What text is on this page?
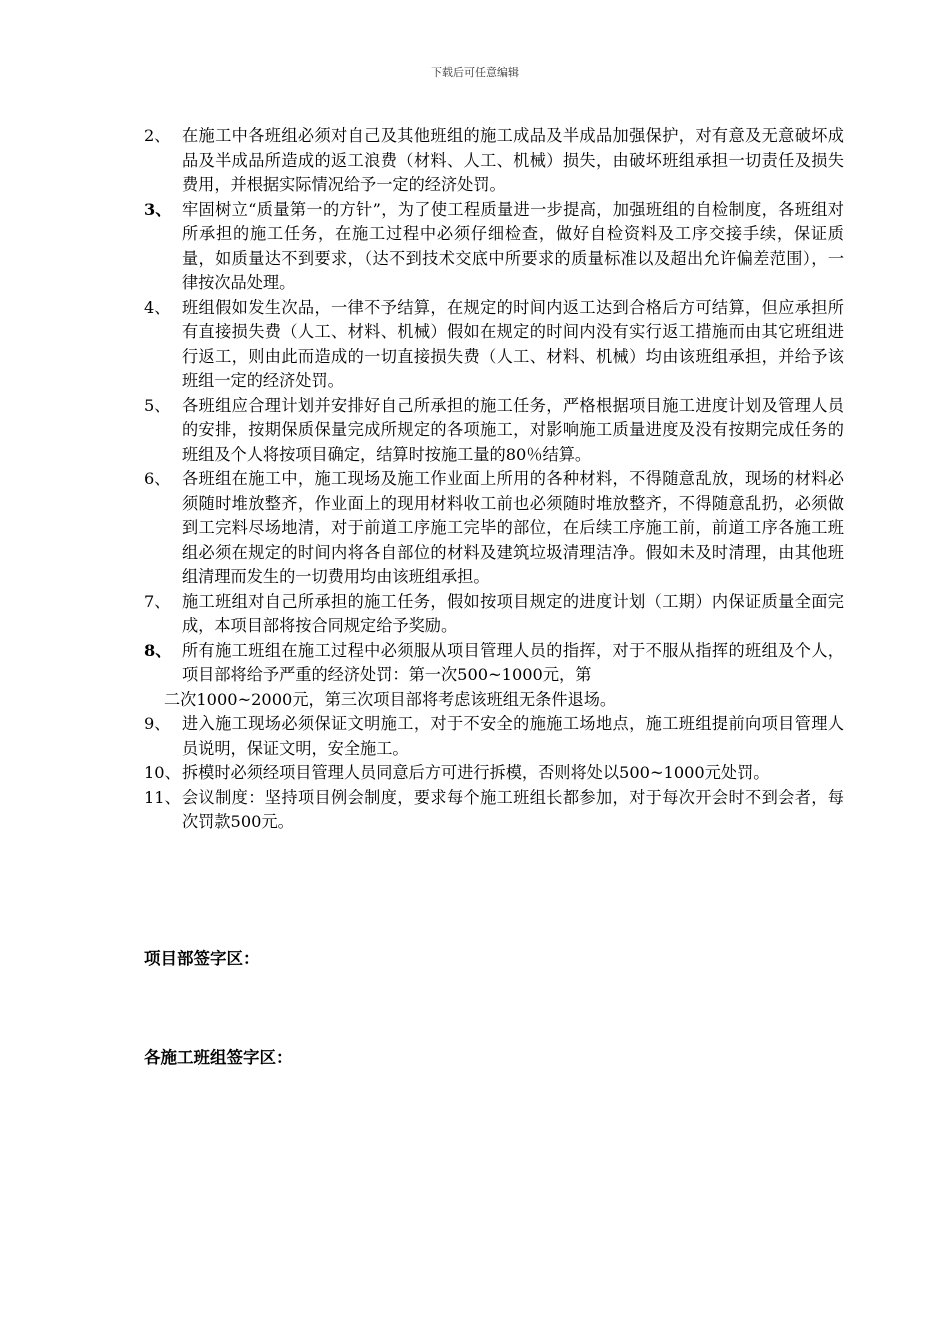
下载后可任意编辑
2、 在施工中各班组必须对自己及其他班组的施工成品及半成品加强保护，对有意及无意破坏成品及半成品所造成的返工浪费（材料、人工、机械）损失，由破坏班组承担一切责任及损失费用，并根据实际情况给予一定的经济处罚。
3、 牢固树立“质量第一的方针”，为了使工程质量进一步提高，加强班组的自检制度，各班组对所承担的施工任务，在施工过程中必须仔细检查，做好自检资料及工序交接手续，保证质量，如质量达不到要求，（达不到技术交底中所要求的质量标准以及超出允许偏差范围），一律按次品处理。
4、 班组假如发生次品，一律不予结算，在规定的时间内返工达到合格后方可结算，但应承担所有直接损失费（人工、材料、机械）假如在规定的时间内没有实行返工措施而由其它班组进行返工，则由此而造成的一切直接损失费（人工、材料、机械）均由该班组承担，并给予该班组一定的经济处罚。
5、 各班组应合理计划并安排好自己所承担的施工任务，严格根据项目施工进度计划及管理人员的安排，按期保质保量完成所规定的各项施工，对影响施工质量进度及没有按期完成任务的班组及个人将按项目确定，结算时按施工量的80％结算。
6、 各班组在施工中，施工现场及施工作业面上所用的各种材料，不得随意乱放，现场的材料必须随时堆放整齐，作业面上的现用材料收工前也必须随时堆放整齐，不得随意乱扔，必须做到工完料尽场地清，对于前道工序施工完毕的部位，在后续工序施工前，前道工序各施工班组必须在规定的时间内将各自部位的材料及建筑垃圾清理洁净。假如未及时清理，由其他班组清理而发生的一切费用均由该班组承担。
7、 施工班组对自己所承担的施工任务，假如按项目规定的进度计划（工期）内保证质量全面完成，本项目部将按合同规定给予奖励。
8、 所有施工班组在施工过程中必须服从项目管理人员的指挥，对于不服从指挥的班组及个人，项目部将给予严重的经济处罚：第一次500~1000元，第
二次1000~2000元，第三次项目部将考虑该班组无条件退场。
9、 进入施工现场必须保证文明施工，对于不安全的施施工场地点，施工班组提前向项目管理人员说明，保证文明，安全施工。
10、 拆模时必须经项目管理人员同意后方可进行拆模，否则将处以500~1000元处罚。
11、 会议制度：坚持项目例会制度，要求每个施工班组长都参加，对于每次开会时不到会者，每次罚款500元。
项目部签字区：
各施工班组签字区：
